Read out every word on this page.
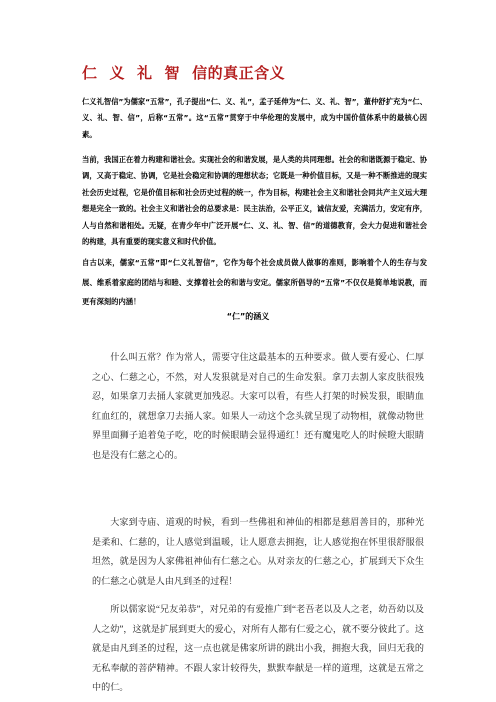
仁 义 礼 智 信的真正含义
仁义礼智信”为儒家“五常”，孔子提出“仁、义、礼”，孟子延伸为“仁、义、礼、智”，董仲舒扩充为“仁、义、礼、智、信”，后称“五常”。这“五常”贯穿于中华伦理的发展中，成为中国价值体系中的最核心因素。
当前，我国正在着力构建和谐社会。实现社会的和谐发展，是人类的共同理想。社会的和谐既源于稳定、协调，又高于稳定、协调，它是社会稳定和协调的理想状态；它既是一种价值目标，又是一种不断推进的现实社会历史过程，它是价值目标和社会历史过程的统一，作为目标，构建社会主义和谐社会同共产主义远大理想是完全一致的。社会主义和谐社会的总要求是：民主法治，公平正义，诚信友爱，充满活力，安定有序，人与自然和谐相处。无疑，在青少年中广泛开展“仁、义、礼、智、信”的道德教育，会大力促进和谐社会的构建，具有重要的现实意义和时代价值。
自古以来，儒家“五常”即“仁义礼智信”，它作为每个社会成员做人做事的准则，影响着个人的生存与发展、维系着家庭的团结与和睦、支撑着社会的和谐与安定。儒家所倡导的“五常”不仅仅是简单地说教，而更有深刻的内涵！
“仁”的涵义
什么叫五常？作为常人，需要守住这最基本的五种要求。做人要有爱心、仁厚之心、仁慈之心，不然，对人发狠就是对自己的生命发狠。拿刀去割人家皮肤很残忍，如果拿刀去捅人家就更加残忍。大家可以看，有些人打架的时候发狠，眼睛血红血红的，就想拿刀去捅人家。如果人一动这个念头就呈现了动物相，就像动物世界里面狮子追着兔子吃，吃的时候眼睛会显得通红！还有魔鬼吃人的时候瞪大眼睛也是没有仁慈之心的。
大家到寺庙、道观的时候，看到一些佛祖和神仙的相都是慈眉善目的，那种光是柔和、仁慈的，让人感觉到温暖，让人愿意去拥抱，让人感觉抱在怀里很舒服很坦然，就是因为人家佛祖神仙有仁慈之心。从对亲友的仁慈之心，扩展到天下众生的仁慈之心就是人由凡到圣的过程！
所以儒家说“兄友弟恭”，对兄弟的有爱推广到“老吾老以及人之老，幼吾幼以及人之幼”，这就是扩展到更大的爱心，对所有人都有仁爱之心，就不要分彼此了。这就是由凡到圣的过程，这一点也就是佛家所讲的跳出小我，拥抱大我，回归无我的无私奉献的菩萨精神。不跟人家计较得失，默默奉献是一样的道理，这就是五常之中的仁。
